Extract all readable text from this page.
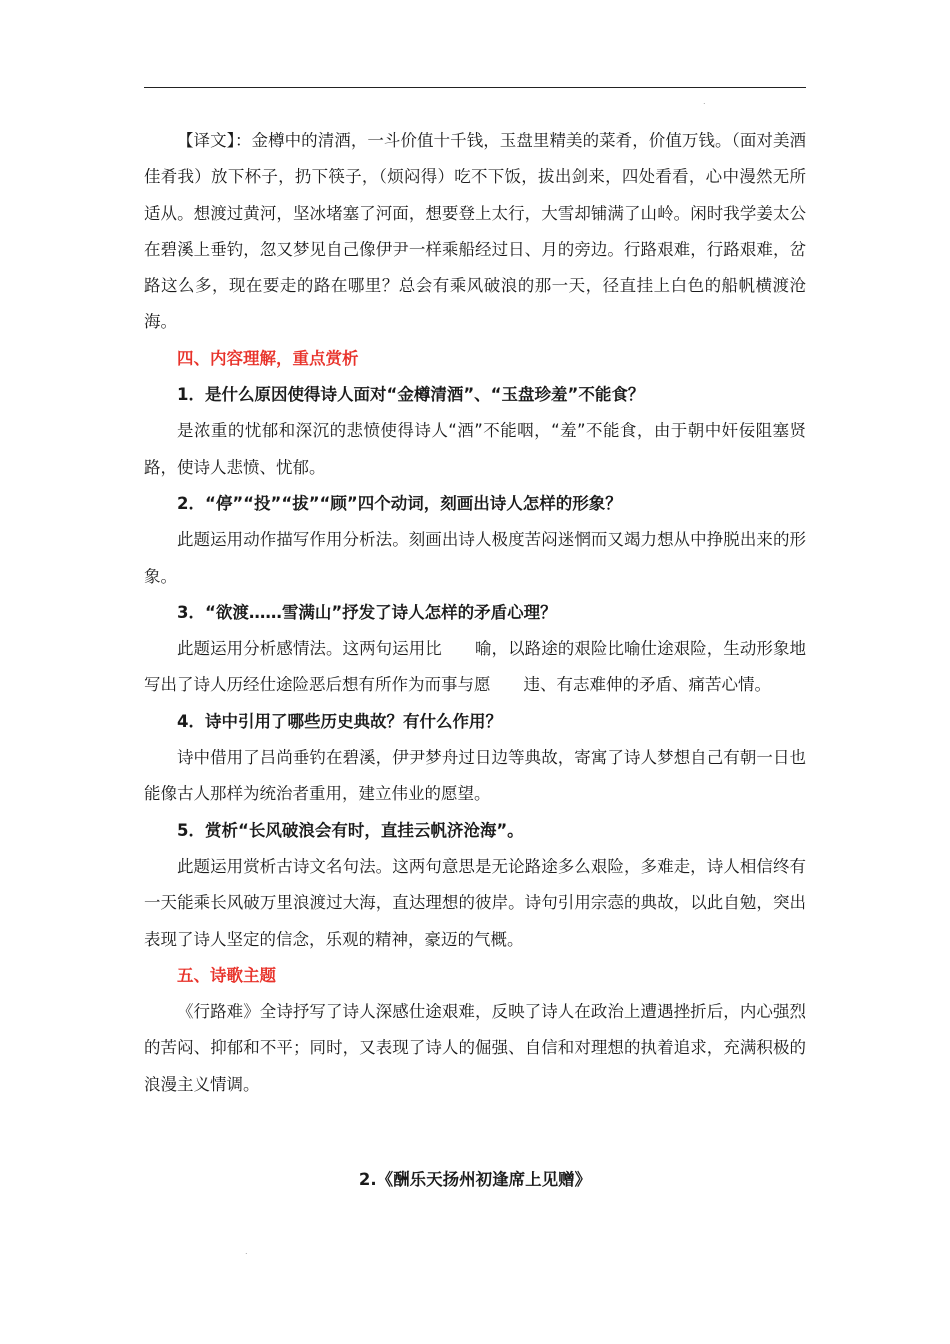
.

【译文】：金樽中的清酒，一斗价值十千钱，玉盘里精美的菜肴，价值万钱。（面对美酒佳肴我）放下杯子，扔下筷子，（烦闷得）吃不下饭，拔出剑来，四处看看，心中漫然无所适从。想渡过黄河，坚冰堵塞了河面，想要登上太行，大雪却铺满了山岭。闲时我学姜太公在碧溪上垂钓，忽又梦见自己像伊尹一样乘船经过日、月的旁边。行路艰难，行路艰难，岔路这么多，现在要走的路在哪里？总会有乘风破浪的那一天，径直挂上白色的船帆横渡沧海。

四、内容理解，重点赏析

1．是什么原因使得诗人面对“金樽清酒”、“玉盘珍羞”不能食？

是浓重的忧郁和深沉的悲愤使得诗人“酒”不能咽，“羞”不能食，由于朝中奸佞阻塞贤路，使诗人悲愤、忧郁。

2．“停”“投”“拔”“顾”四个动词，刻画出诗人怎样的形象？

此题运用动作描写作用分析法。刻画出诗人极度苦闷迷惘而又竭力想从中挣脱出来的形象。

3．“欲渡……雪满山”抒发了诗人怎样的矛盾心理？

此题运用分析感情法。这两句运用比　　喻，以路途的艰险比喻仕途艰险，生动形象地写出了诗人历经仕途险恶后想有所作为而事与愿　　违、有志难伸的矛盾、痛苦心情。

4．诗中引用了哪些历史典故？有什么作用？

诗中借用了吕尚垂钓在碧溪，伊尹梦舟过日边等典故，寄寓了诗人梦想自己有朝一日也能像古人那样为统治者重用，建立伟业的愿望。

5．赏析“长风破浪会有时，直挂云帆济沧海”。

此题运用赏析古诗文名句法。这两句意思是无论路途多么艰险，多难走，诗人相信终有一天能乘长风破万里浪渡过大海，直达理想的彼岸。诗句引用宗悫的典故，以此自勉，突出表现了诗人坚定的信念，乐观的精神，豪迈的气概。

五、诗歌主题

《行路难》全诗抒写了诗人深感仕途艰难，反映了诗人在政治上遭遇挫折后，内心强烈的苦闷、抑郁和不平；同时，又表现了诗人的倔强、自信和对理想的执着追求，充满积极的浪漫主义情调。

2.《酬乐天扬州初逢席上见赠》
.
